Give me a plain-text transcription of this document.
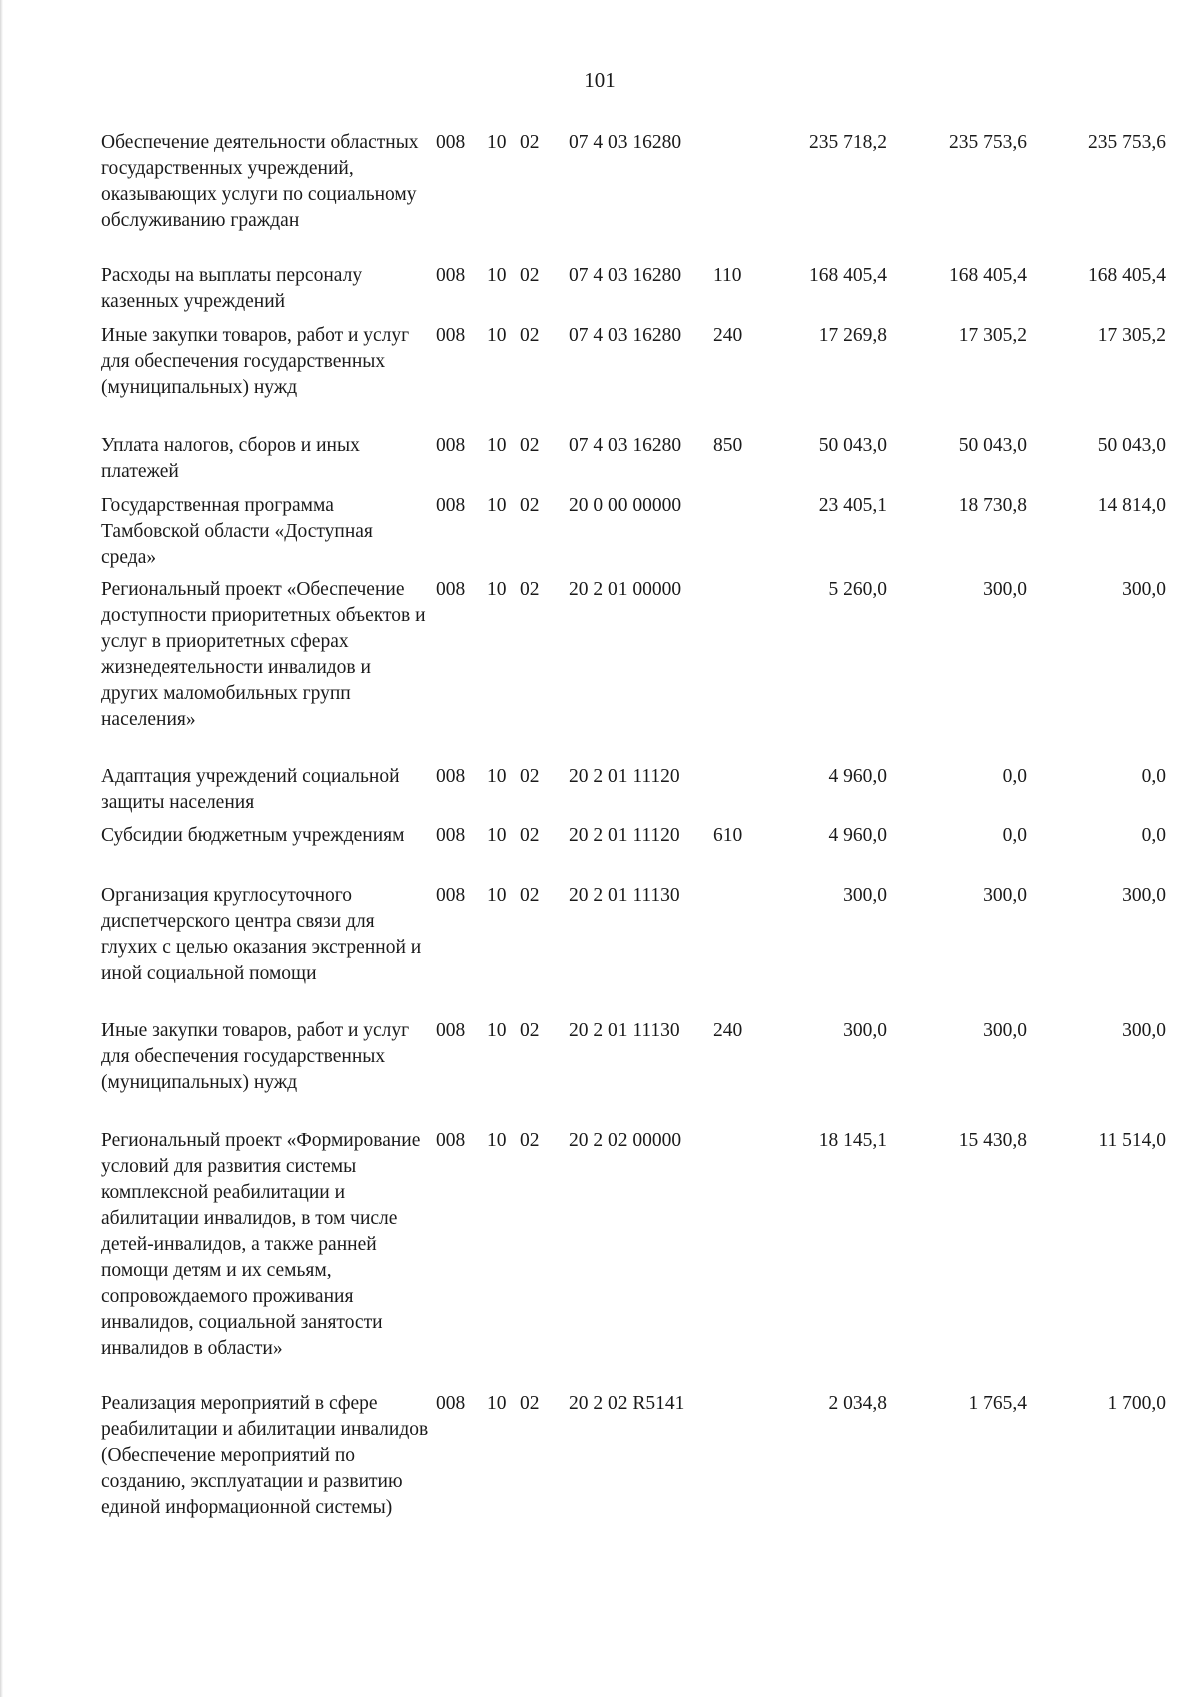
101
Обеспечение деятельности областных государственных учреждений, оказывающих услуги по социальному обслуживанию граждан
008 10 02 07 4 03 16280	235 718,2	235 753,6	235 753,6
Расходы на выплаты персоналу казенных учреждений
008 10 02 07 4 03 16280 110	168 405,4	168 405,4	168 405,4
Иные закупки товаров, работ и услуг для обеспечения государственных (муниципальных) нужд
008 10 02 07 4 03 16280 240	17 269,8	17 305,2	17 305,2
Уплата налогов, сборов и иных платежей
008 10 02 07 4 03 16280 850	50 043,0	50 043,0	50 043,0
Государственная программа Тамбовской области «Доступная среда»
008 10 02 20 0 00 00000	23 405,1	18 730,8	14 814,0
Региональный проект «Обеспечение доступности приоритетных объектов и услуг в приоритетных сферах жизнедеятельности инвалидов и других маломобильных групп населения»
008 10 02 20 2 01 00000	5 260,0	300,0	300,0
Адаптация учреждений социальной защиты населения
008 10 02 20 2 01 11120	4 960,0	0,0	0,0
Субсидии бюджетным учреждениям	008 10 02 20 2 01 11120 610	4 960,0	0,0	0,0
Организация круглосуточного диспетчерского центра связи для глухих с целью оказания экстренной и иной социальной помощи
008 10 02 20 2 01 11130	300,0	300,0	300,0
Иные закупки товаров, работ и услуг для обеспечения государственных (муниципальных) нужд
008 10 02 20 2 01 11130 240	300,0	300,0	300,0
Региональный проект «Формирование условий для развития системы комплексной реабилитации и абилитации инвалидов, в том числе детей-инвалидов, а также ранней помощи детям и их семьям, сопровождаемого проживания инвалидов, социальной занятости инвалидов в области»
008 10 02 20 2 02 00000	18 145,1	15 430,8	11 514,0
Реализация мероприятий в сфере реабилитации и абилитации инвалидов (Обеспечение мероприятий по созданию, эксплуатации и развитию единой информационной системы)
008 10 02 20 2 02 R5141	2 034,8	1 765,4	1 700,0
